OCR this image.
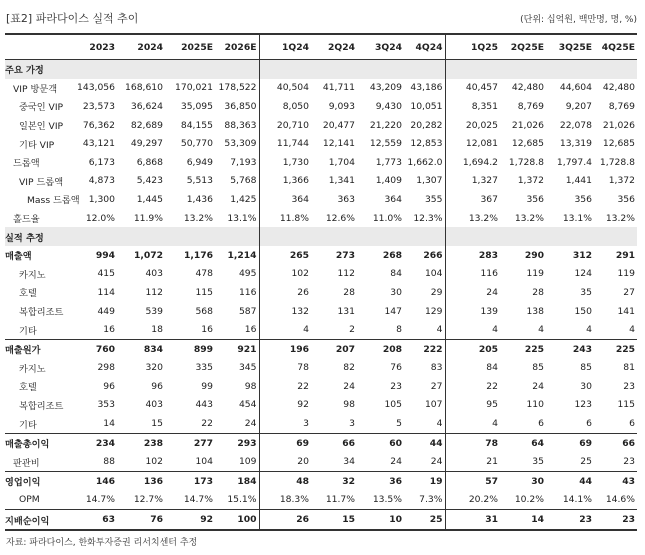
[표2] 파라다이스 실적 추이	(단위: 십억원, 백만명, 명, %)
	2023	2024	2025E	2026E	1Q24	2Q24	3Q24	4Q24	1Q25	2Q25E	3Q25E	4Q25E
주요 가정												
VIP 방문객	143,056	168,610	170,021	178,522	40,504	41,711	43,209	43,186	40,457	42,480	44,604	42,480
중국인 VIP	23,573	36,624	35,095	36,850	8,050	9,093	9,430	10,051	8,351	8,769	9,207	8,769
일본인 VIP	76,362	82,689	84,155	88,363	20,710	20,477	21,220	20,282	20,025	21,026	22,078	21,026
기타 VIP	43,121	49,297	50,770	53,309	11,744	12,141	12,559	12,853	12,081	12,685	13,319	12,685
드롭액	6,173	6,868	6,949	7,193	1,730	1,704	1,773	1,662.0	1,694.2	1,728.8	1,797.4	1,728.8
VIP 드롭액	4,873	5,423	5,513	5,768	1,366	1,341	1,409	1,307	1,327	1,372	1,441	1,372
Mass 드롭액	1,300	1,445	1,436	1,425	364	363	364	355	367	356	356	356
홀드율	12.0%	11.9%	13.2%	13.1%	11.8%	12.6%	11.0%	12.3%	13.2%	13.2%	13.1%	13.2%
실적 추정												
매출액	994	1,072	1,176	1,214	265	273	268	266	283	290	312	291
카지노	415	403	478	495	102	112	84	104	116	119	124	119
호텔	114	112	115	116	26	28	30	29	24	28	35	27
복합리조트	449	539	568	587	132	131	147	129	139	138	150	141
기타	16	18	16	16	4	2	8	4	4	4	4	4
매출원가	760	834	899	921	196	207	208	222	205	225	243	225
카지노	298	320	335	345	78	82	76	83	84	85	85	81
호텔	96	96	99	98	22	24	23	27	22	24	30	23
복합리조트	353	403	443	454	92	98	105	107	95	110	123	115
기타	14	15	22	24	3	3	5	4	4	6	6	6
매출총이익	234	238	277	293	69	66	60	44	78	64	69	66
판관비	88	102	104	109	20	34	24	24	21	35	25	23
영업이익	146	136	173	184	48	32	36	19	57	30	44	43
OPM	14.7%	12.7%	14.7%	15.1%	18.3%	11.7%	13.5%	7.3%	20.2%	10.2%	14.1%	14.6%
지배순이익	63	76	92	100	26	15	10	25	31	14	23	23
자료: 파라다이스, 한화투자증권 리서치센터 추정
